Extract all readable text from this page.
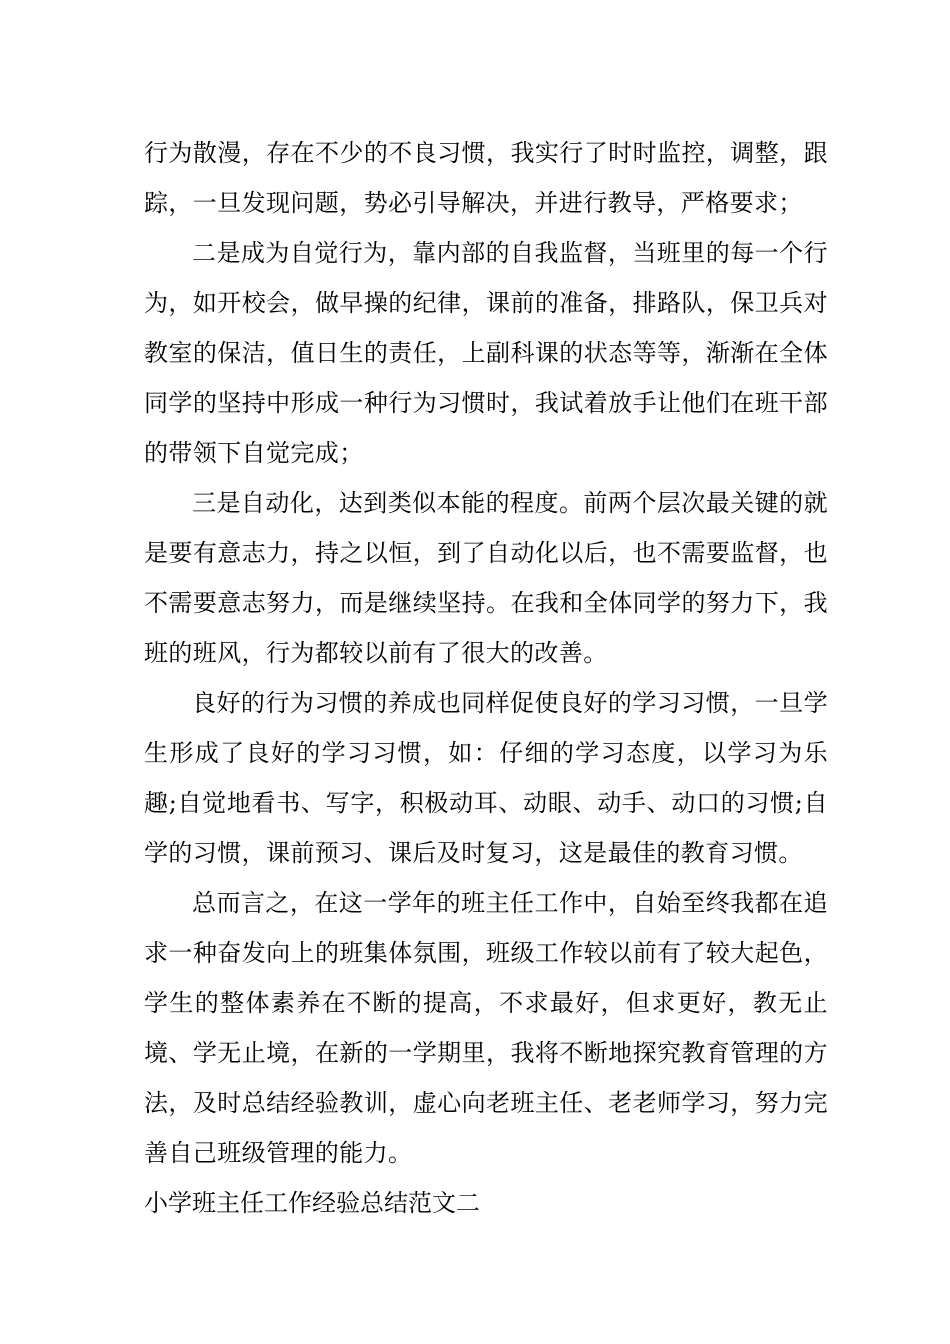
行为散漫，存在不少的不良习惯，我实行了时时监控，调整，跟踪，一旦发现问题，势必引导解决，并进行教导，严格要求；

二是成为自觉行为，靠内部的自我监督，当班里的每一个行为，如开校会，做早操的纪律，课前的准备，排路队，保卫兵对教室的保洁，值日生的责任，上副科课的状态等等，渐渐在全体同学的坚持中形成一种行为习惯时，我试着放手让他们在班干部的带领下自觉完成；

三是自动化，达到类似本能的程度。前两个层次最关键的就是要有意志力，持之以恒，到了自动化以后，也不需要监督，也不需要意志努力，而是继续坚持。在我和全体同学的努力下，我班的班风，行为都较以前有了很大的改善。

良好的行为习惯的养成也同样促使良好的学习习惯，一旦学生形成了良好的学习习惯，如：仔细的学习态度，以学习为乐趣;自觉地看书、写字，积极动耳、动眼、动手、动口的习惯;自学的习惯，课前预习、课后及时复习，这是最佳的教育习惯。

总而言之，在这一学年的班主任工作中，自始至终我都在追求一种奋发向上的班集体氛围，班级工作较以前有了较大起色，学生的整体素养在不断的提高，不求最好，但求更好，教无止境、学无止境，在新的一学期里，我将不断地探究教育管理的方法，及时总结经验教训，虚心向老班主任、老老师学习，努力完善自己班级管理的能力。

小学班主任工作经验总结范文二
